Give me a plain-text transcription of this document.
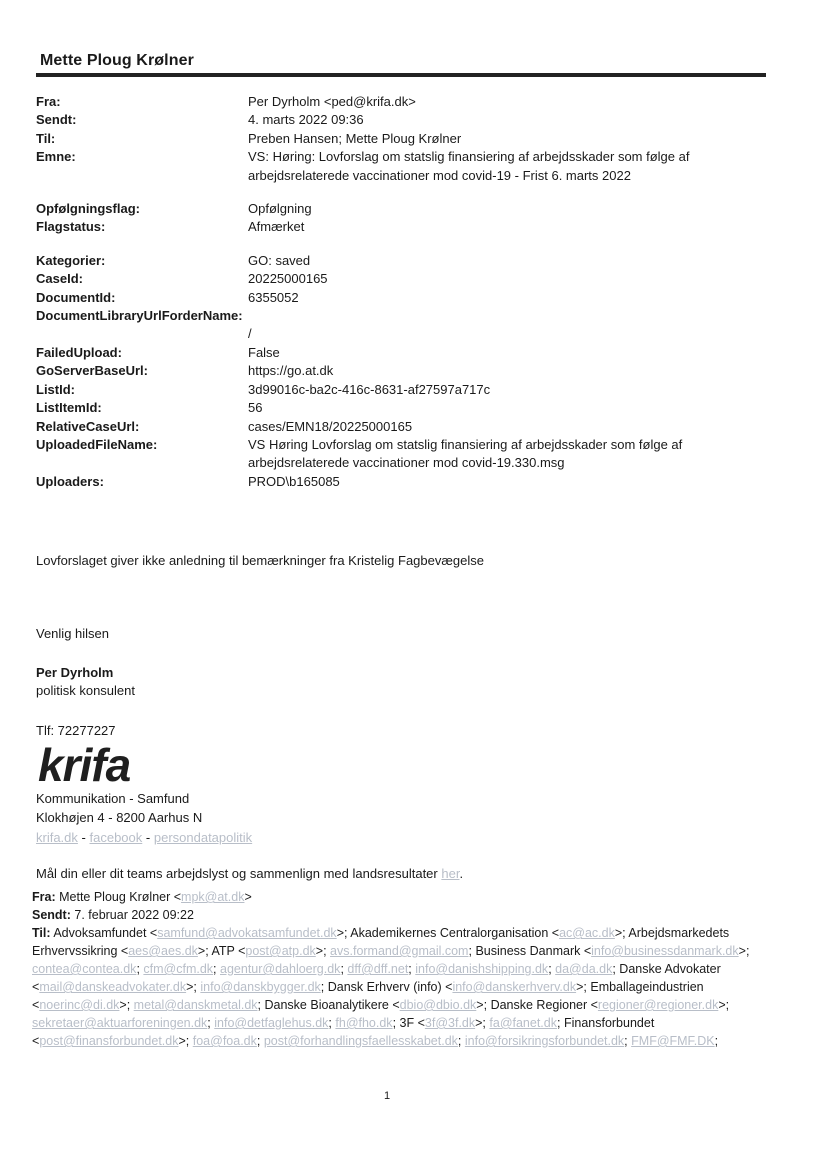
Mette Ploug Krølner
Fra:	Per Dyrholm <ped@krifa.dk>
Sendt:	4. marts 2022 09:36
Til:	Preben Hansen; Mette Ploug Krølner
Emne:	VS: Høring: Lovforslag om statslig finansiering af arbejdsskader som følge af
arbejdsrelaterede vaccinationer mod covid-19 - Frist 6. marts 2022
Opfølgningsflag:	Opfølgning
Flagstatus:	Afmærket
Kategorier:	GO: saved
CaseId:	20225000165
DocumentId:	6355052
DocumentLibraryUrlForderName:
/
FailedUpload:	False
GoServerBaseUrl:	https://go.at.dk
ListId:	3d99016c-ba2c-416c-8631-af27597a717c
ListItemId:	56
RelativeCaseUrl:	cases/EMN18/20225000165
UploadedFileName:	VS Høring Lovforslag om statslig finansiering af arbejdsskader som følge af
arbejdsrelaterede vaccinationer mod covid-19.330.msg
Uploaders:	PROD\b165085
Lovforslaget giver ikke anledning til bemærkninger fra Kristelig Fagbevægelse
Venlig hilsen
Per Dyrholm
politisk konsulent
Tlf: 72277227
krifa
Kommunikation - Samfund
Klokhøjen 4 - 8200 Aarhus N
krifa.dk - facebook - persondatapolitik
Mål din eller dit teams arbejdslyst og sammenlign med landsresultater her.
Fra: Mette Ploug Krølner <mpk@at.dk>
Sendt: 7. februar 2022 09:22
Til: Advoksamfundet <samfund@advokatsamfundet.dk>; Akademikernes Centralorganisation <ac@ac.dk>; Arbejdsmarkedets Erhvervssikring <aes@aes.dk>; ATP <post@atp.dk>; avs.formand@gmail.com; Business Danmark <info@businessdanmark.dk>; contea@contea.dk; cfm@cfm.dk; agentur@dahloerg.dk; dff@dff.net; info@danishshipping.dk; da@da.dk; Danske Advokater <mail@danskeadvokater.dk>; info@danskbygger.dk; Dansk Erhverv (info) <info@danskerhverv.dk>; Emballageindustrien <noerinc@di.dk>; metal@danskmetal.dk; Danske Bioanalytikere <dbio@dbio.dk>; Danske Regioner <regioner@regioner.dk>; sekretaer@aktuarforeningen.dk; info@detfaglehus.dk; fh@fho.dk; 3F <3f@3f.dk>; fa@fanet.dk; Finansforbundet <post@finansforbundet.dk>; foa@foa.dk; post@forhandlingsfaellesskabet.dk; info@forsikringsforbundet.dk; FMF@FMF.DK;
1
